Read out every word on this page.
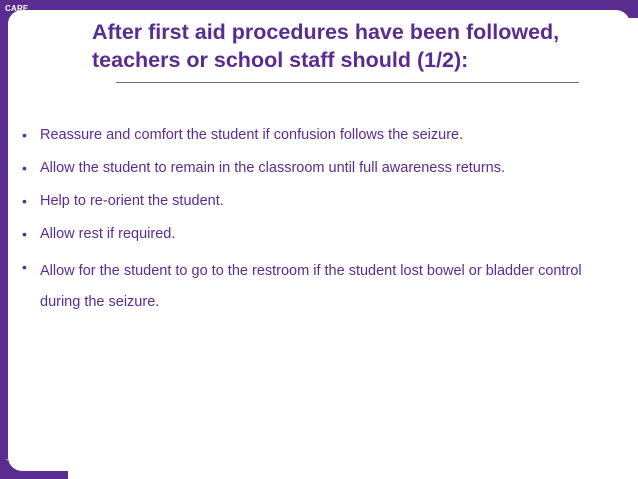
CARE
After first aid procedures have been followed,
teachers or school staff should (1/2):
• Reassure and comfort the student if confusion follows the seizure.
• Allow the student to remain in the classroom until full awareness returns.
• Help to re-orient the student.
• Allow rest if required.
• Allow for the student to go to the restroom if the student lost bowel or bladder control during the seizure.
- 28 -
